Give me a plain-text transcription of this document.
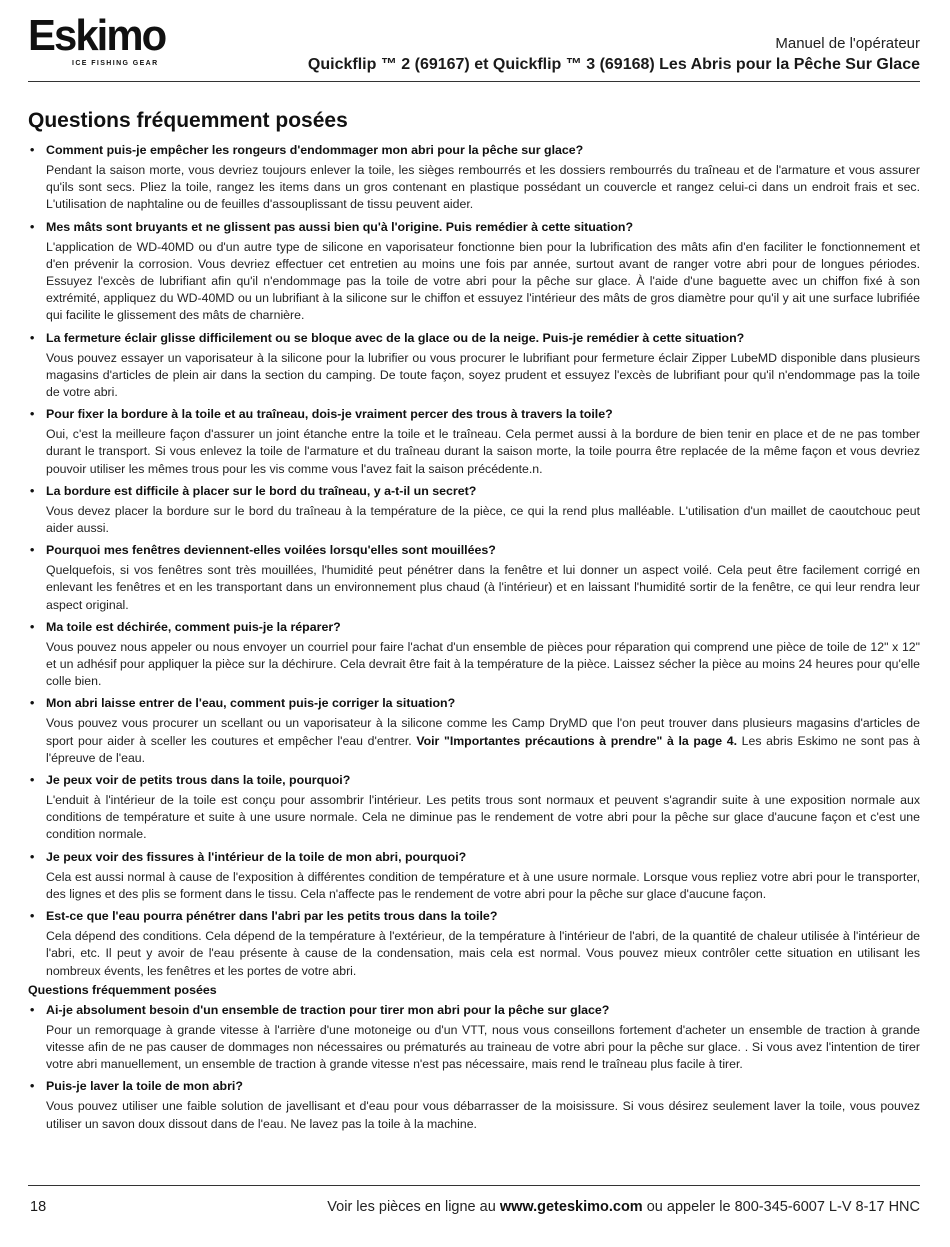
Eskimo
ICE FISHING GEAR
Manuel de l'opérateur
Quickflip ™ 2 (69167) et Quickflip ™ 3 (69168) Les Abris pour la Pêche Sur Glace
Questions fréquemment posées
• Comment puis-je empêcher les rongeurs d'endommager mon abri pour la pêche sur glace?

Pendant la saison morte, vous devriez toujours enlever la toile, les sièges rembourrés et les dossiers rembourrés du traîneau et de l'armature et vous assurer qu'ils sont secs. Pliez la toile, rangez les items dans un gros contenant en plastique possédant un couvercle et rangez celui-ci dans un endroit frais et sec. L'utilisation de naphtaline ou de feuilles d'assouplissant de tissu peuvent aider.

• Mes mâts sont bruyants et ne glissent pas aussi bien qu'à l'origine. Puis remédier à cette situation?

L'application de WD-40MD ou d'un autre type de silicone en vaporisateur fonctionne bien pour la lubrification des mâts afin d'en faciliter le fonctionnement et d'en prévenir la corrosion. Vous devriez effectuer cet entretien au moins une fois par année, surtout avant de ranger votre abri pour de longues périodes. Essuyez l'excès de lubrifiant afin qu'il n'endommage pas la toile de votre abri pour la pêche sur glace. À l'aide d'une baguette avec un chiffon fixé à son extrémité, appliquez du WD-40MD ou un lubrifiant à la silicone sur le chiffon et essuyez l'intérieur des mâts de gros diamètre pour qu'il y ait une surface lubrifiée qui facilite le glissement des mâts de charnière.

• La fermeture éclair glisse difficilement ou se bloque avec de la glace ou de la neige. Puis-je remédier à cette situation?

Vous pouvez essayer un vaporisateur à la silicone pour la lubrifier ou vous procurer le lubrifiant pour fermeture éclair Zipper LubeMD disponible dans plusieurs magasins d'articles de plein air dans la section du camping. De toute façon, soyez prudent et essuyez l'excès de lubrifiant pour qu'il n'endommage pas la toile de votre abri.

• Pour fixer la bordure à la toile et au traîneau, dois-je vraiment percer des trous à travers la toile?

Oui, c'est la meilleure façon d'assurer un joint étanche entre la toile et le traîneau. Cela permet aussi à la bordure de bien tenir en place et de ne pas tomber durant le transport. Si vous enlevez la toile de l'armature et du traîneau durant la saison morte, la toile pourra être replacée de la même façon et vous devriez pouvoir utiliser les mêmes trous pour les vis comme vous l'avez fait la saison précédente.n.

• La bordure est difficile à placer sur le bord du traîneau, y a-t-il un secret?

Vous devez placer la bordure sur le bord du traîneau à la température de la pièce, ce qui la rend plus malléable. L'utilisation d'un maillet de caoutchouc peut aider aussi.

• Pourquoi mes fenêtres deviennent-elles voilées lorsqu'elles sont mouillées?

Quelquefois, si vos fenêtres sont très mouillées, l'humidité peut pénétrer dans la fenêtre et lui donner un aspect voilé. Cela peut être facilement corrigé en enlevant les fenêtres et en les transportant dans un environnement plus chaud (à l'intérieur) et en laissant l'humidité sortir de la fenêtre, ce qui leur rendra leur aspect original.

• Ma toile est déchirée, comment puis-je la réparer?

Vous pouvez nous appeler ou nous envoyer un courriel pour faire l'achat d'un ensemble de pièces pour réparation qui comprend une pièce de toile de 12" x 12" et un adhésif pour appliquer la pièce sur la déchirure. Cela devrait être fait à la température de la pièce. Laissez sécher la pièce au moins 24 heures pour qu'elle colle bien.

• Mon abri laisse entrer de l'eau, comment puis-je corriger la situation?

Vous pouvez vous procurer un scellant ou un vaporisateur à la silicone comme les Camp DryMD que l'on peut trouver dans plusieurs magasins d'articles de sport pour aider à sceller les coutures et empêcher l'eau d'entrer. Voir "Importantes précautions à prendre" à la page 4. Les abris Eskimo ne sont pas à l'épreuve de l'eau.

• Je peux voir de petits trous dans la toile, pourquoi?

L'enduit à l'intérieur de la toile est conçu pour assombrir l'intérieur. Les petits trous sont normaux et peuvent s'agrandir suite à une exposition normale aux conditions de température et suite à une usure normale. Cela ne diminue pas le rendement de votre abri pour la pêche sur glace d'aucune façon et c'est une condition normale.

• Je peux voir des fissures à l'intérieur de la toile de mon abri, pourquoi?

Cela est aussi normal à cause de l'exposition à différentes condition de température et à une usure normale. Lorsque vous repliez votre abri pour le transporter, des lignes et des plis se forment dans le tissu. Cela n'affecte pas le rendement de votre abri pour la pêche sur glace d'aucune façon.

• Est-ce que l'eau pourra pénétrer dans l'abri par les petits trous dans la toile?

Cela dépend des conditions. Cela dépend de la température à l'extérieur, de la température à l'intérieur de l'abri, de la quantité de chaleur utilisée à l'intérieur de l'abri, etc. Il peut y avoir de l'eau présente à cause de la condensation, mais cela est normal. Vous pouvez mieux contrôler cette situation en utilisant les nombreux évents, les fenêtres et les portes de votre abri.

Questions fréquemment posées
• Ai-je absolument besoin d'un ensemble de traction pour tirer mon abri pour la pêche sur glace?

Pour un remorquage à grande vitesse à l'arrière d'une motoneige ou d'un VTT, nous vous conseillons fortement d'acheter un ensemble de traction à grande vitesse afin de ne pas causer de dommages non nécessaires ou prématurés au traineau de votre abri pour la pêche sur glace. . Si vous avez l'intention de tirer votre abri manuellement, un ensemble de traction à grande vitesse n'est pas nécessaire, mais rend le traîneau plus facile à tirer.

• Puis-je laver la toile de mon abri?

Vous pouvez utiliser une faible solution de javellisant et d'eau pour vous débarrasser de la moisissure. Si vous désirez seulement laver la toile, vous pouvez utiliser un savon doux dissout dans de l'eau. Ne lavez pas la toile à la machine.

18	Voir les pièces en ligne au www.geteskimo.com ou appeler le 800-345-6007 L-V 8-17 HNC
